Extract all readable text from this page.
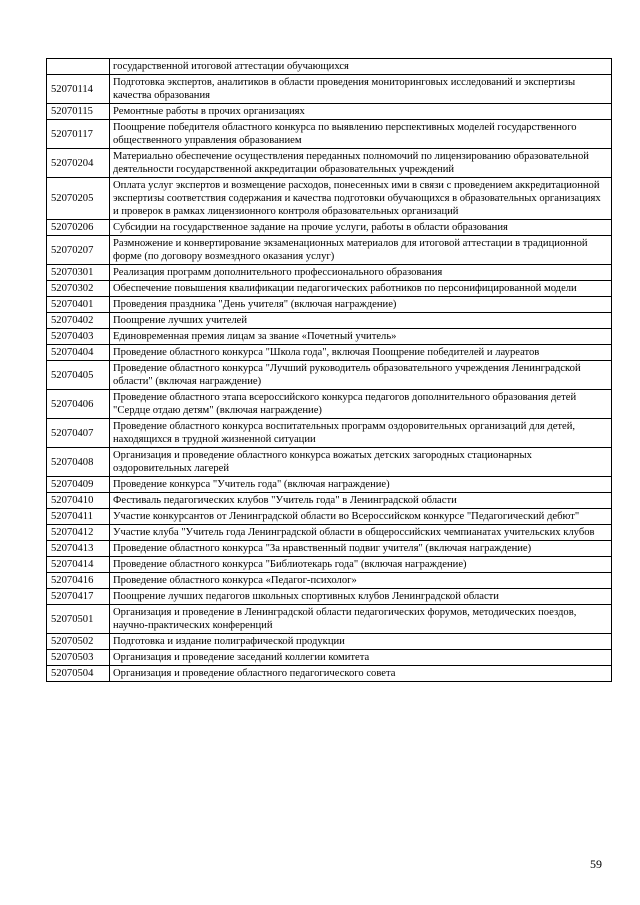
	государственной итоговой аттестации обучающихся
52070114	Подготовка экспертов, аналитиков в области проведения мониторинговых исследований и экспертизы качества образования
52070115	Ремонтные работы в прочих организациях
52070117	Поощрение победителя областного конкурса по выявлению перспективных моделей государственного общественного управления образованием
52070204	Материально обеспечение осуществления переданных полномочий по лицензированию образовательной деятельности государственной аккредитации образовательных учреждений
52070205	Оплата услуг экспертов и возмещение расходов, понесенных ими в связи с проведением аккредитационной экспертизы соответствия содержания и качества подготовки обучающихся в образовательных организациях и проверок в рамках лицензионного контроля образовательных организаций
52070206	Субсидии на государственное задание на прочие услуги, работы в области образования
52070207	Размножение и конвертирование экзаменационных материалов для итоговой аттестации в традиционной форме (по договору возмездного оказания услуг)
52070301	Реализация программ дополнительного профессионального образования
52070302	Обеспечение повышения квалификации педагогических работников по персонифицированной модели
52070401	Проведения праздника "День учителя" (включая награждение)
52070402	Поощрение лучших учителей
52070403	Единовременная премия лицам за звание «Почетный учитель»
52070404	Проведение областного конкурса "Школа года", включая Поощрение победителей и лауреатов
52070405	Проведение областного конкурса "Лучший руководитель образовательного учреждения Ленинградской области" (включая награждение)
52070406	Проведение областного этапа всероссийского конкурса педагогов дополнительного образования детей "Сердце отдаю детям" (включая награждение)
52070407	Проведение областного конкурса воспитательных программ оздоровительных организаций для детей, находящихся в трудной жизненной ситуации
52070408	Организация и проведение областного конкурса вожатых детских загородных стационарных оздоровительных лагерей
52070409	Проведение конкурса "Учитель года" (включая награждение)
52070410	Фестиваль педагогических клубов "Учитель года" в Ленинградской области
52070411	Участие конкурсантов от Ленинградской области во Всероссийском конкурсе "Педагогический дебют"
52070412	Участие клуба "Учитель года Ленинградской области в общероссийских чемпианатах учительских клубов
52070413	Проведение областного конкурса "За нравственный подвиг учителя" (включая награждение)
52070414	Проведение областного конкурса "Библиотекарь года" (включая награждение)
52070416	Проведение областного конкурса «Педагог-психолог»
52070417	Поощрение лучших педагогов школьных спортивных клубов Ленинградской области
52070501	Организация и проведение в Ленинградской области педагогических форумов, методических поездов, научно-практических конференций
52070502	Подготовка и издание полиграфической продукции
52070503	Организация и проведение заседаний коллегии комитета
52070504	Организация и проведение областного педагогического совета
59
